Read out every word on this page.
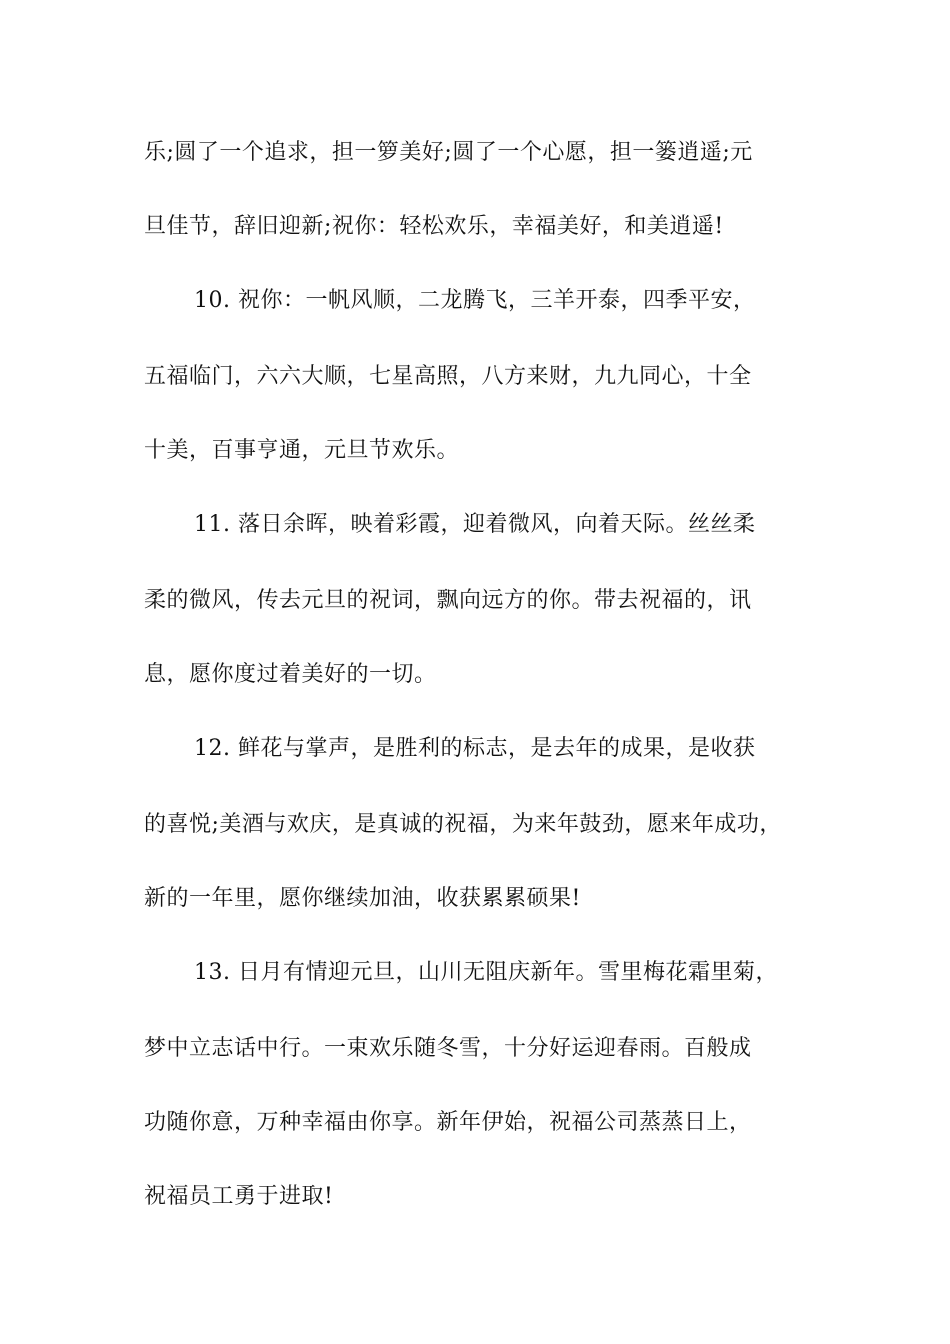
乐;圆了一个追求，担一箩美好;圆了一个心愿，担一篓逍遥;元
旦佳节，辞旧迎新;祝你：轻松欢乐，幸福美好，和美逍遥!
10. 祝你：一帆风顺，二龙腾飞，三羊开泰，四季平安，
五福临门，六六大顺，七星高照，八方来财，九九同心，十全
十美，百事亨通，元旦节欢乐。
11. 落日余晖，映着彩霞，迎着微风，向着天际。丝丝柔
柔的微风，传去元旦的祝词，飘向远方的你。带去祝福的，讯
息，愿你度过着美好的一切。
12. 鲜花与掌声，是胜利的标志，是去年的成果，是收获
的喜悦;美酒与欢庆，是真诚的祝福，为来年鼓劲，愿来年成功，
新的一年里，愿你继续加油，收获累累硕果!
13. 日月有情迎元旦，山川无阻庆新年。雪里梅花霜里菊，
梦中立志话中行。一束欢乐随冬雪，十分好运迎春雨。百般成
功随你意，万种幸福由你享。新年伊始，祝福公司蒸蒸日上，
祝福员工勇于进取!
